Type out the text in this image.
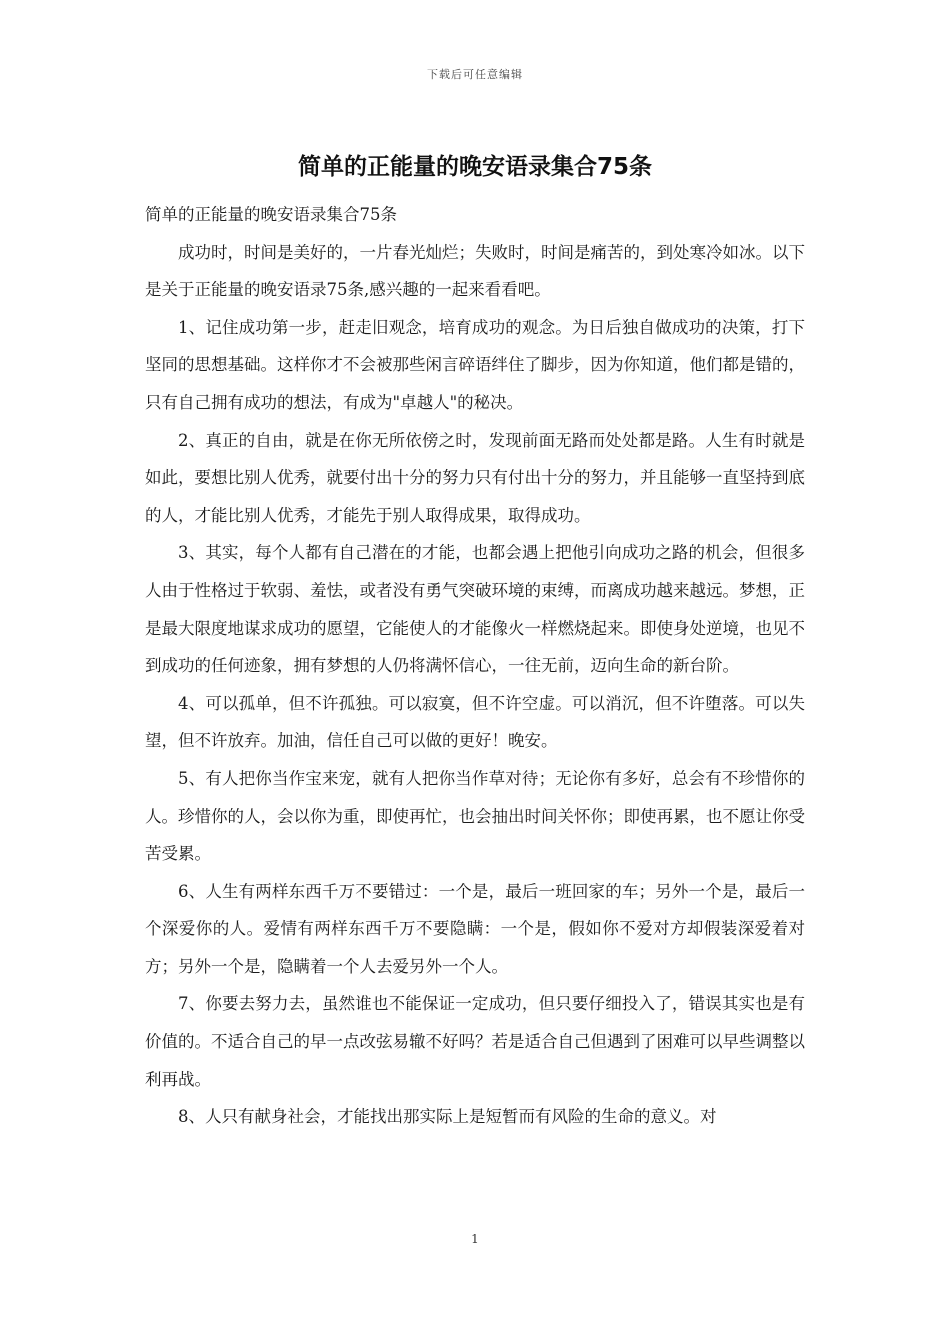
下载后可任意编辑
简单的正能量的晚安语录集合75条

简单的正能量的晚安语录集合75条

成功时，时间是美好的，一片春光灿烂；失败时，时间是痛苦的，到处寒冷如冰。以下是关于正能量的晚安语录75条,感兴趣的一起来看看吧。

1、记住成功第一步，赶走旧观念，培育成功的观念。为日后独自做成功的决策，打下坚同的思想基础。这样你才不会被那些闲言碎语绊住了脚步，因为你知道，他们都是错的，只有自己拥有成功的想法，有成为"卓越人"的秘决。

2、真正的自由，就是在你无所依傍之时，发现前面无路而处处都是路。人生有时就是如此，要想比别人优秀，就要付出十分的努力只有付出十分的努力，并且能够一直坚持到底的人，才能比别人优秀，才能先于别人取得成果，取得成功。

3、其实，每个人都有自己潜在的才能，也都会遇上把他引向成功之路的机会，但很多人由于性格过于软弱、羞怯，或者没有勇气突破环境的束缚，而离成功越来越远。梦想，正是最大限度地谋求成功的愿望，它能使人的才能像火一样燃烧起来。即使身处逆境，也见不到成功的任何迹象，拥有梦想的人仍将满怀信心，一往无前，迈向生命的新台阶。

4、可以孤单，但不许孤独。可以寂寞，但不许空虚。可以消沉，但不许堕落。可以失望，但不许放弃。加油，信任自己可以做的更好！晚安。

5、有人把你当作宝来宠，就有人把你当作草对待；无论你有多好，总会有不珍惜你的人。珍惜你的人，会以你为重，即使再忙，也会抽出时间关怀你；即使再累，也不愿让你受苦受累。

6、人生有两样东西千万不要错过：一个是，最后一班回家的车；另外一个是，最后一个深爱你的人。爱情有两样东西千万不要隐瞒：一个是，假如你不爱对方却假装深爱着对方；另外一个是，隐瞒着一个人去爱另外一个人。

7、你要去努力去，虽然谁也不能保证一定成功，但只要仔细投入了，错误其实也是有价值的。不适合自己的早一点改弦易辙不好吗？若是适合自己但遇到了困难可以早些调整以利再战。

8、人只有献身社会，才能找出那实际上是短暂而有风险的生命的意义。对

1
